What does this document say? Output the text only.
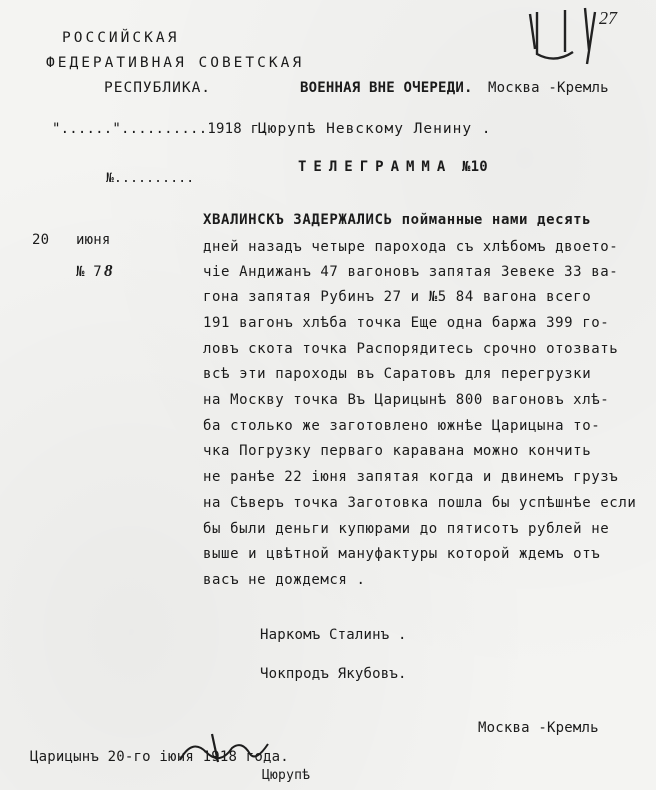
РОССИЙСКАЯ
ФЕДЕРАТИВНАЯ СОВЕТСКАЯ
РЕСПУБЛИКА.	ВОЕННАЯ ВНЕ ОЧЕРЕДИ. Москва -Кремль
"......"..........1918 г.
Цюрупѣ Невскому Ленину .
№..........
27
ТЕЛЕГРАММА №10
20 июня
№ 7 8
ХВАЛИНСКЪ ЗАДЕРЖАЛИСЬ пойманные нами десять
дней назадъ четыре парохода съ хлѣбомъ двоето-
чіе Андижанъ 47 вагоновъ запятая Зевеке 33 ва-
гона запятая Рубинъ 27 и №5 84 вагона всего
191 вагонъ хлѣба точка Еще одна баржа 399 го-
ловъ скота точка Распорядитесь срочно отозвать
всѣ эти пароходы въ Саратовъ для перегрузки
на Москву точка Въ Царицынѣ 800 вагоновъ хлѣ-
ба столько же заготовлено южнѣе Царицына то-
чка Погрузку перваго каравана можно кончить
не ранѣе 22 іюня запятая когда и двинемъ грузъ
на Сѣверъ точка Заготовка пошла бы успѣшнѣе если
бы были деньги купюрами до пятисотъ рублей не
выше и цвѣтной мануфактуры которой ждемъ отъ
васъ не дождемся .
Наркомъ Сталинъ .
Чокпродъ Якубовъ.
Москва -Кремль
Царицынъ 20-го іюня 1918 года.
Цюрупѣ
